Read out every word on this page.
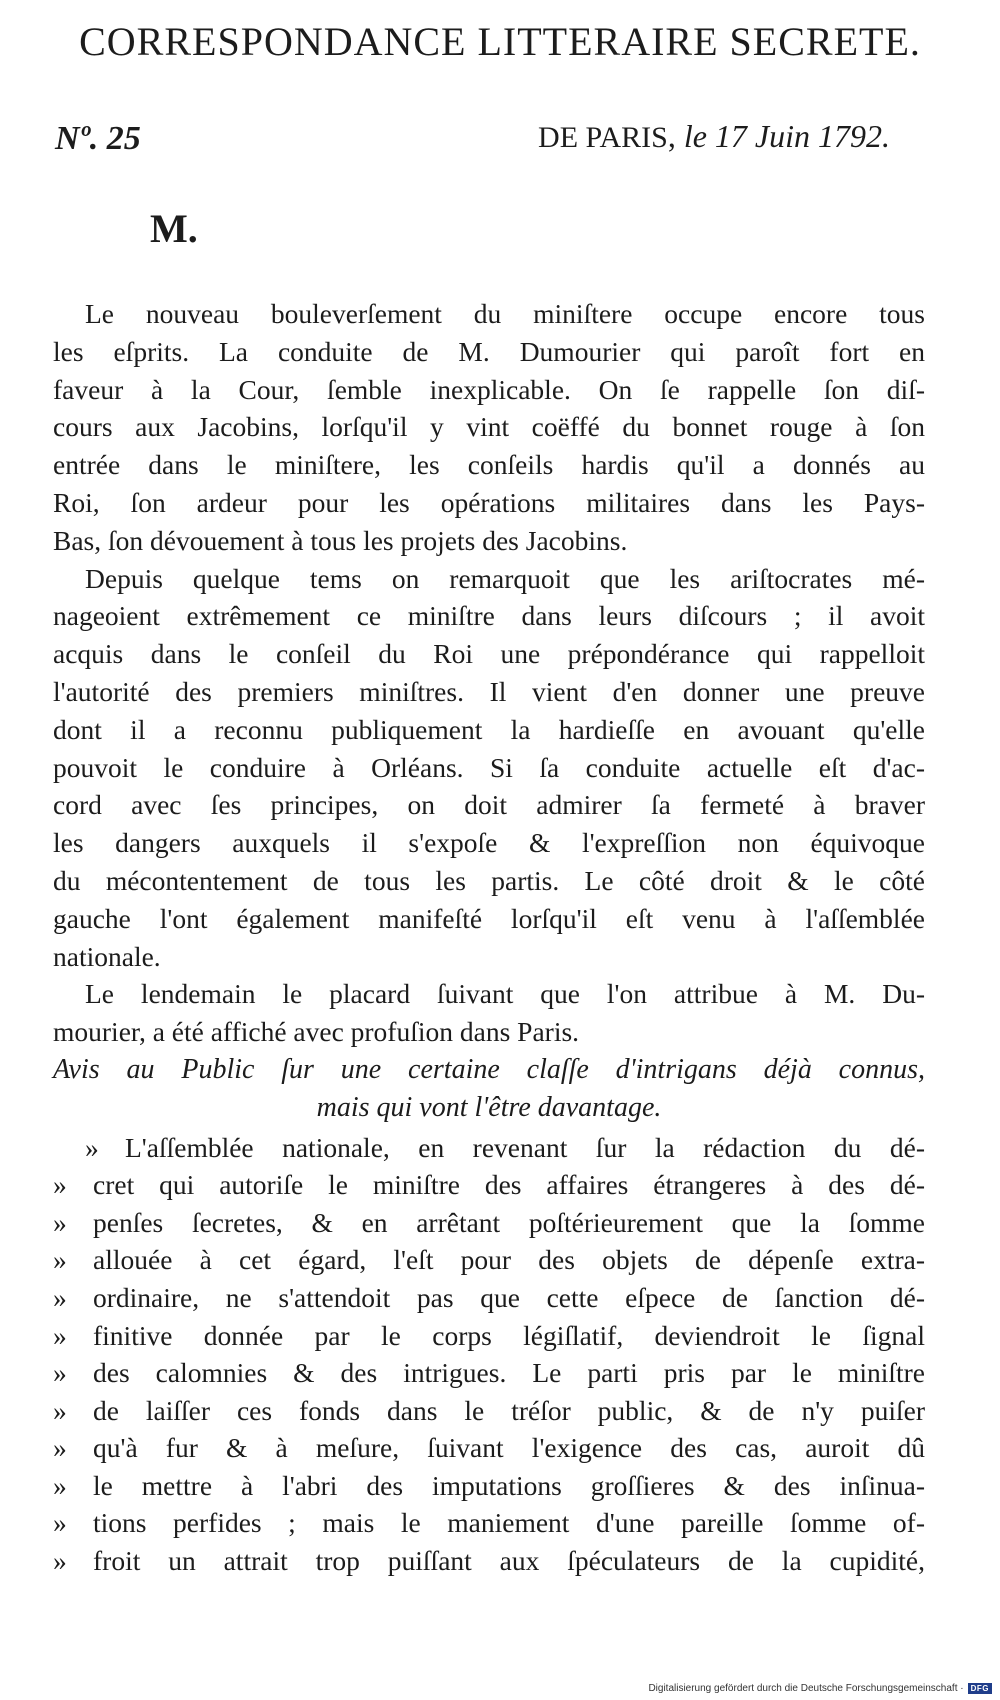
CORRESPONDANCE LITTERAIRE SECRETE.
Nº. 25	DE PARIS, le 17 Juin 1792.
M.
Le nouveau bouleverſement du miniſtere occupe encore tous
les eſprits. La conduite de M. Dumourier qui paroît fort en
faveur à la Cour, ſemble inexplicable. On ſe rappelle ſon diſ-
cours aux Jacobins, lorſqu'il y vint coëffé du bonnet rouge à ſon
entrée dans le miniſtere, les conſeils hardis qu'il a donnés au
Roi, ſon ardeur pour les opérations militaires dans les Pays-
Bas, ſon dévouement à tous les projets des Jacobins.
Depuis quelque tems on remarquoit que les ariſtocrates mé-
nageoient extrêmement ce miniſtre dans leurs diſcours ; il avoit
acquis dans le conſeil du Roi une prépondérance qui rappelloit
l'autorité des premiers miniſtres. Il vient d'en donner une preuve
dont il a reconnu publiquement la hardieſſe en avouant qu'elle
pouvoit le conduire à Orléans. Si ſa conduite actuelle eſt d'ac-
cord avec ſes principes, on doit admirer ſa fermeté à braver
les dangers auxquels il s'expoſe & l'expreſſion non équivoque
du mécontentement de tous les partis. Le côté droit & le côté
gauche l'ont également manifeſté lorſqu'il eſt venu à l'aſſemblée
nationale.
Le lendemain le placard ſuivant que l'on attribue à M. Du-
mourier, a été affiché avec profuſion dans Paris.
Avis au Public ſur une certaine claſſe d'intrigans déjà connus,
mais qui vont l'être davantage.
» L'aſſemblée nationale, en revenant ſur la rédaction du dé-
» cret qui autoriſe le miniſtre des affaires étrangeres à des dé-
» penſes ſecretes, & en arrêtant poſtérieurement que la ſomme
» allouée à cet égard, l'eſt pour des objets de dépenſe extra-
» ordinaire, ne s'attendoit pas que cette eſpece de ſanction dé-
» finitive donnée par le corps légiſlatif, deviendroit le ſignal
» des calomnies & des intrigues. Le parti pris par le miniſtre
» de laiſſer ces fonds dans le tréſor public, & de n'y puiſer
» qu'à fur & à meſure, ſuivant l'exigence des cas, auroit dû
» le mettre à l'abri des imputations groſſieres & des inſinua-
» tions perfides ; mais le maniement d'une pareille ſomme of-
» froit un attrait trop puiſſant aux ſpéculateurs de la cupidité,
Digitalisierung gefördert durch die Deutsche Forschungsgemeinschaft · DFG
